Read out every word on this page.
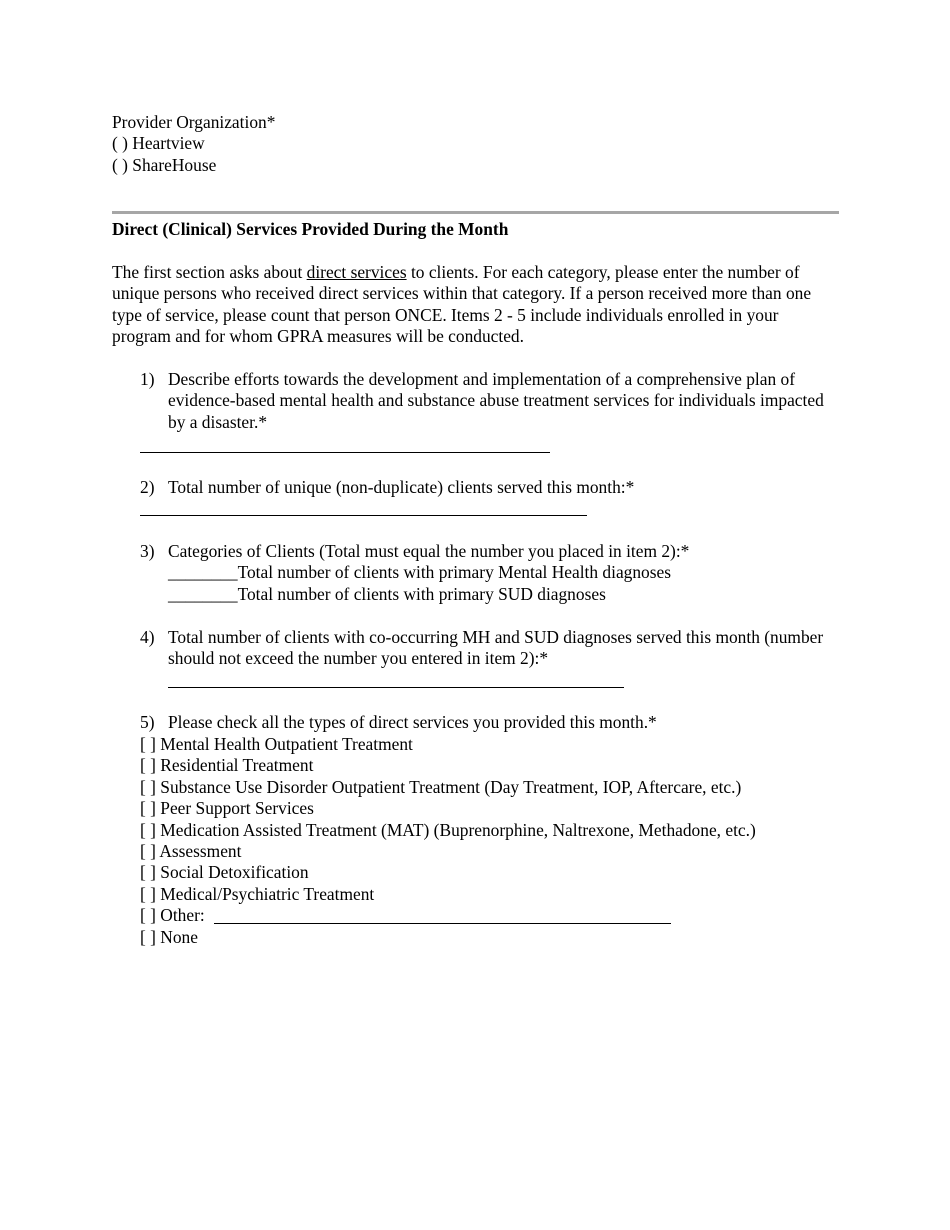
Provider Organization*
( ) Heartview
( ) ShareHouse
Direct (Clinical) Services Provided During the Month
The first section asks about direct services to clients. For each category, please enter the number of unique persons who received direct services within that category. If a person received more than one type of service, please count that person ONCE. Items 2 - 5 include individuals enrolled in your program and for whom GPRA measures will be conducted.
1) Describe efforts towards the development and implementation of a comprehensive plan of evidence-based mental health and substance abuse treatment services for individuals impacted by a disaster.*
2) Total number of unique (non-duplicate) clients served this month:*
3) Categories of Clients (Total must equal the number you placed in item 2):*
________Total number of clients with primary Mental Health diagnoses
________Total number of clients with primary SUD diagnoses
4) Total number of clients with co-occurring MH and SUD diagnoses served this month (number should not exceed the number you entered in item 2):*
5) Please check all the types of direct services you provided this month.*
[ ] Mental Health Outpatient Treatment
[ ] Residential Treatment
[ ] Substance Use Disorder Outpatient Treatment (Day Treatment, IOP, Aftercare, etc.)
[ ] Peer Support Services
[ ] Medication Assisted Treatment (MAT) (Buprenorphine, Naltrexone, Methadone, etc.)
[ ] Assessment
[ ] Social Detoxification
[ ] Medical/Psychiatric Treatment
[ ] Other:
[ ] None
